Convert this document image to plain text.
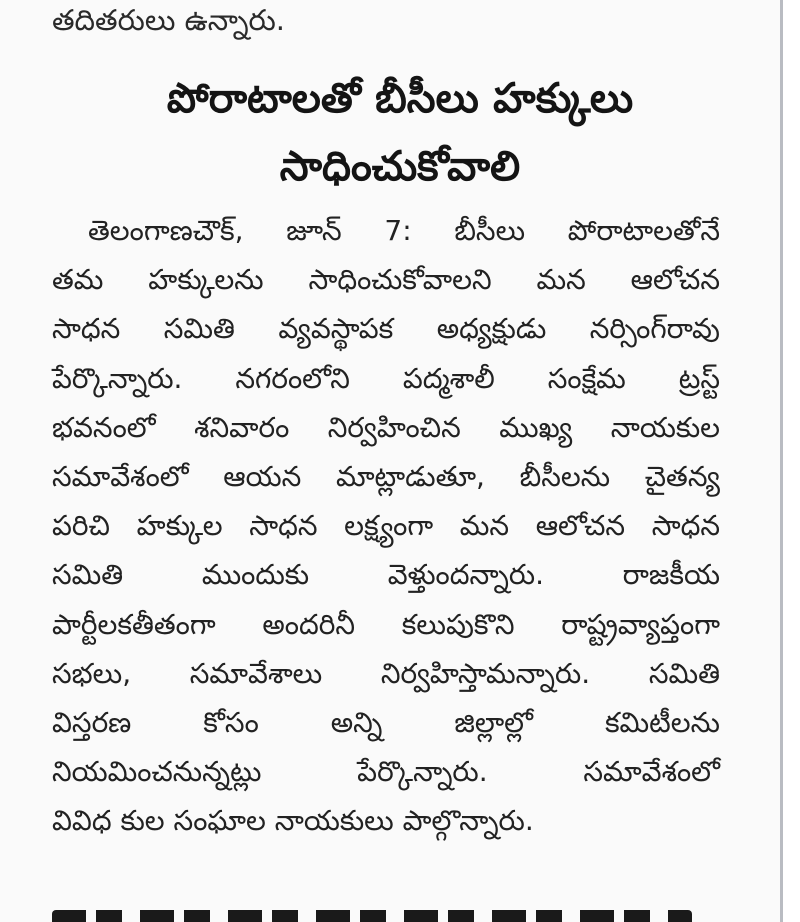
తదితరులు ఉన్నారు.

పోరాటాలతో బీసీలు హక్కులు
సాధించుకోవాలి
తెలంగాణచౌక్, జూన్ 7: బీసీలు పోరాటాలతోనే
తమ హక్కులను సాధించుకోవాలని మన ఆలోచన
సాధన సమితి వ్యవస్థాపక అధ్యక్షుడు నర్సింగ్‌రావు
పేర్కొన్నారు. నగరంలోని పద్మశాలీ సంక్షేమ ట్రస్ట్
భవనంలో శనివారం నిర్వహించిన ముఖ్య నాయకుల
సమావేశంలో ఆయన మాట్లాడుతూ, బీసీలను చైతన్య
పరిచి హక్కుల సాధన లక్ష్యంగా మన ఆలోచన సాధన
సమితి ముందుకు వెళ్తుందన్నారు. రాజకీయ
పార్టీలకతీతంగా అందరినీ కలుపుకొని రాష్ట్రవ్యాప్తంగా
సభలు, సమావేశాలు నిర్వహిస్తామన్నారు. సమితి
విస్తరణ కోసం అన్ని జిల్లాల్లో కమిటీలను
నియమించనున్నట్లు పేర్కొన్నారు. సమావేశంలో
వివిధ కుల సంఘాల నాయకులు పాల్గొన్నారు.
